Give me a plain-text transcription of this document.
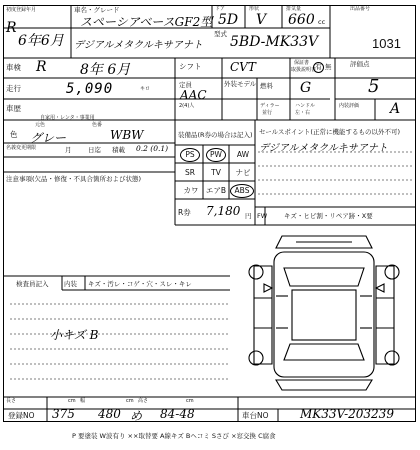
初度登録年月
R
6年6月
車名・グレード
スペーシアベースGF2型
デジアルメタクルキサアナト
ドア
5D
形状
V
排気量
660 cc
出品番号
1031
型式 5BD-MK33V
車検 R 8年 6月	シフト CVT	保証書
取扱説明書 有 無	評価点
5
走行	5,090	キロ	定員
AAC
2(4)人
外装モデル 燃料 G
ディラー
並行
ハンドル
左・右
内装評価	A
車歴
自家用・レンタ・事業用
色
元色
グレー
色番
WBW
名義変更期限	月	日迄 積載 0.2 (0.1)
注意事項(欠品・修復・不具合箇所および状態)
装備品(R券の場合は記入)
PS	PW	AW
SR	TV	ナビ
カワ エアB	ABS
R券 7,180 円
セールスポイント(正常に機能するもの以外不可)
デジアルメタクルキサアナト
FW	キズ・ヒビ割・リペア跡・X要
検査員記入 内装 キズ・汚レ・コゲ・穴・スレ・キレ
小キズ B
長さ	cm 幅	cm 高さ	cm
登録NO 375 480 め 84-48	車台NO	MK33V-203239
P 要塗装 W波有り ××取替要 A線キズ Bヘコミ Sさび ×窓交換 C腐食
